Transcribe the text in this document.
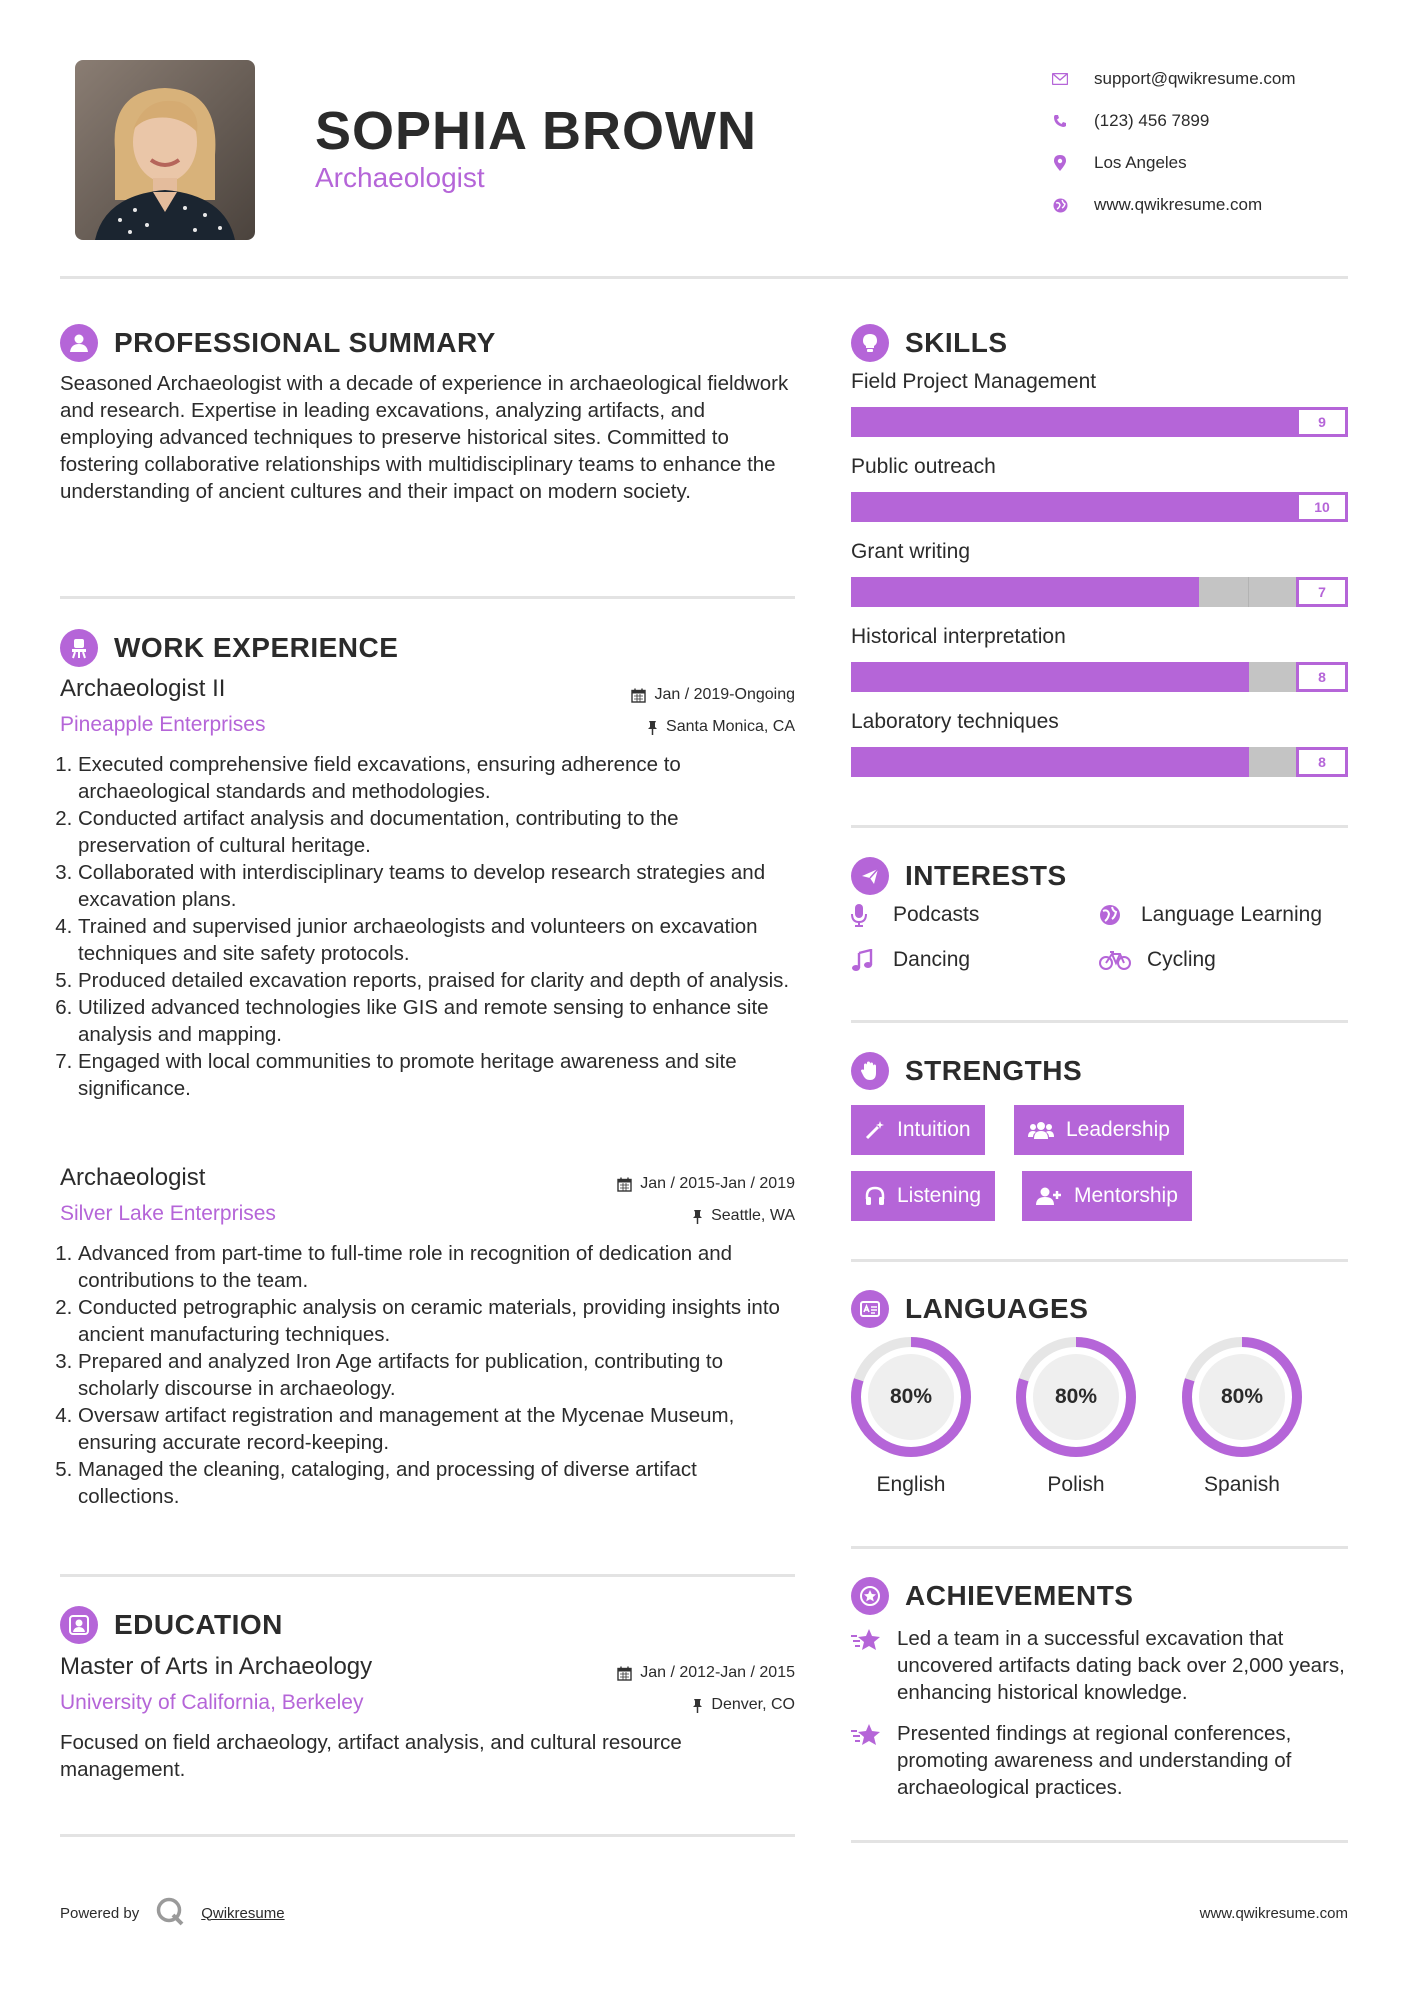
SOPHIA BROWN
Archaeologist
support@qwikresume.com
(123) 456 7899
Los Angeles
www.qwikresume.com
PROFESSIONAL SUMMARY
Seasoned Archaeologist with a decade of experience in archaeological fieldwork and research. Expertise in leading excavations, analyzing artifacts, and employing advanced techniques to preserve historical sites. Committed to fostering collaborative relationships with multidisciplinary teams to enhance the understanding of ancient cultures and their impact on modern society.
WORK EXPERIENCE
Archaeologist II
Pineapple Enterprises
Jan / 2019-Ongoing
Santa Monica, CA
1. Executed comprehensive field excavations, ensuring adherence to archaeological standards and methodologies.
2. Conducted artifact analysis and documentation, contributing to the preservation of cultural heritage.
3. Collaborated with interdisciplinary teams to develop research strategies and excavation plans.
4. Trained and supervised junior archaeologists and volunteers on excavation techniques and site safety protocols.
5. Produced detailed excavation reports, praised for clarity and depth of analysis.
6. Utilized advanced technologies like GIS and remote sensing to enhance site analysis and mapping.
7. Engaged with local communities to promote heritage awareness and site significance.
Archaeologist
Silver Lake Enterprises
Jan / 2015-Jan / 2019
Seattle, WA
1. Advanced from part-time to full-time role in recognition of dedication and contributions to the team.
2. Conducted petrographic analysis on ceramic materials, providing insights into ancient manufacturing techniques.
3. Prepared and analyzed Iron Age artifacts for publication, contributing to scholarly discourse in archaeology.
4. Oversaw artifact registration and management at the Mycenae Museum, ensuring accurate record-keeping.
5. Managed the cleaning, cataloging, and processing of diverse artifact collections.
EDUCATION
Master of Arts in Archaeology
University of California, Berkeley
Jan / 2012-Jan / 2015
Denver, CO
Focused on field archaeology, artifact analysis, and cultural resource management.
SKILLS
Field Project Management
9
Public outreach
10
Grant writing
7
Historical interpretation
8
Laboratory techniques
8
INTERESTS
Podcasts	Language Learning
Dancing	Cycling
STRENGTHS
Intuition	Leadership
Listening	Mentorship
LANGUAGES
80%
English
80%
Polish
80%
Spanish
ACHIEVEMENTS
Led a team in a successful excavation that uncovered artifacts dating back over 2,000 years, enhancing historical knowledge.
Presented findings at regional conferences, promoting awareness and understanding of archaeological practices.
Powered by	Qwikresume	www.qwikresume.com
